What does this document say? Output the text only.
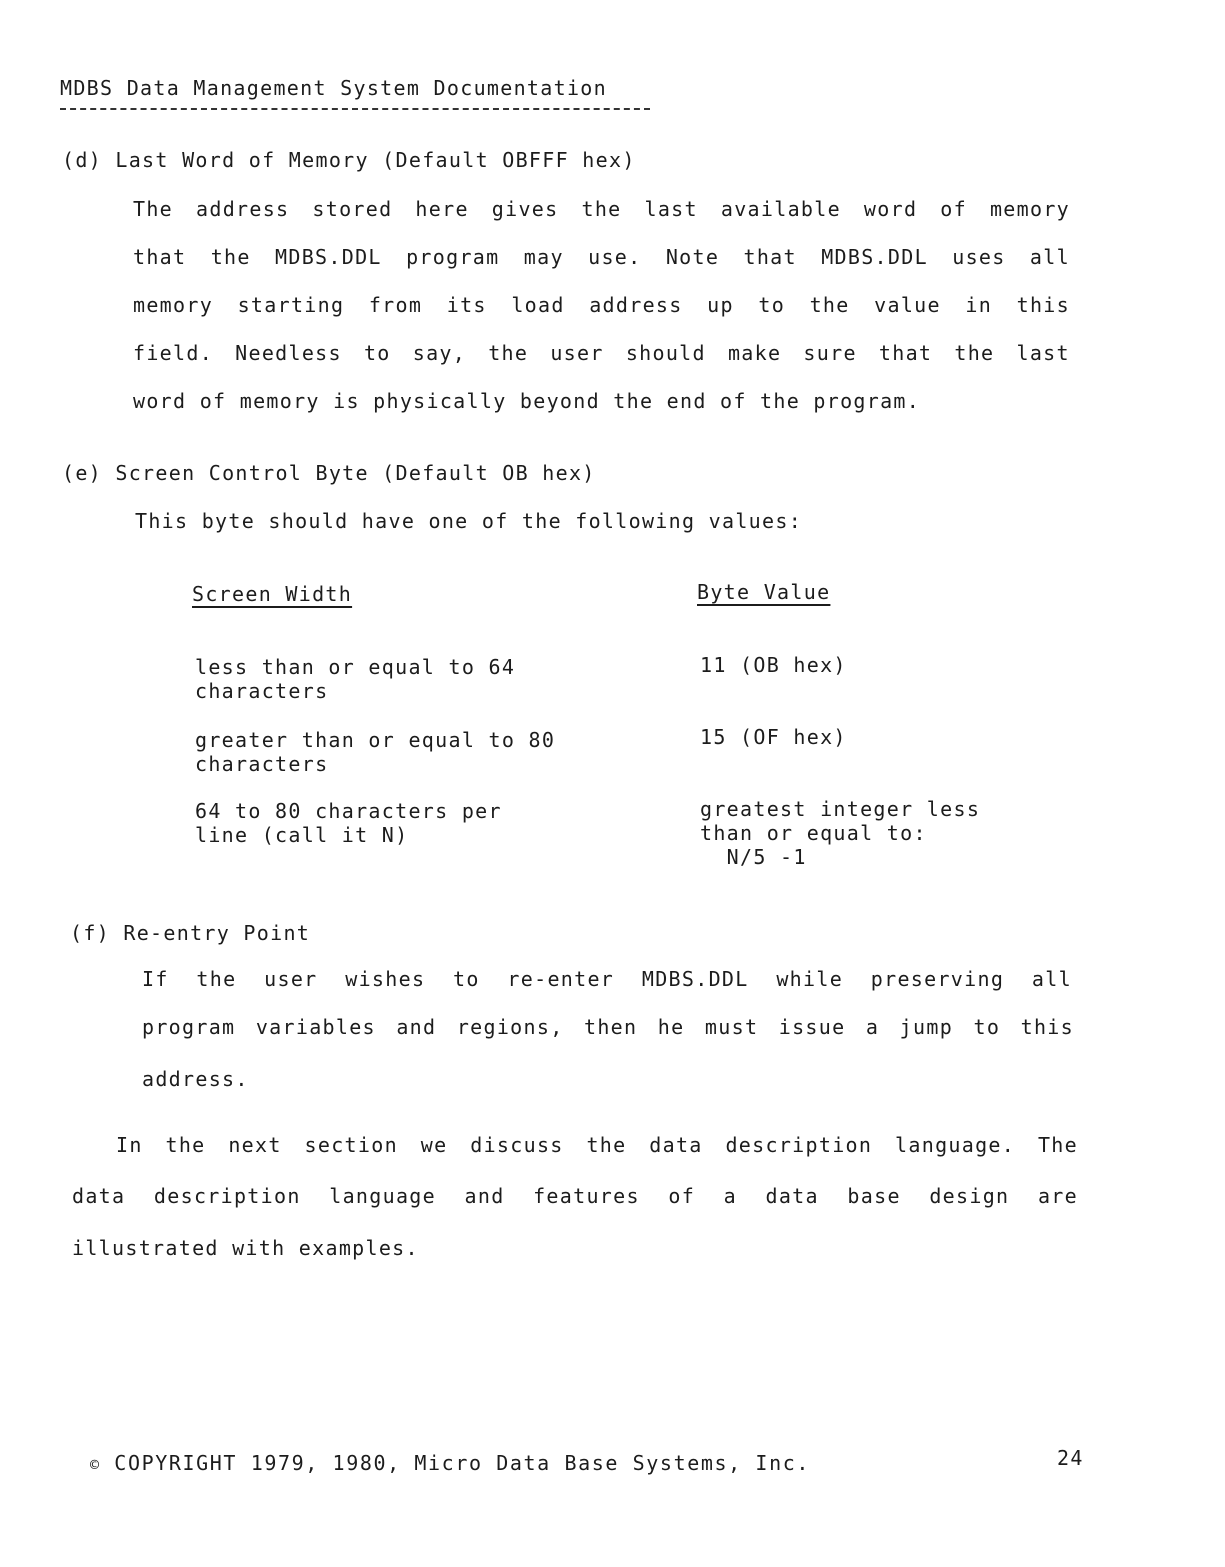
MDBS Data Management System Documentation
(d) Last Word of Memory (Default OBFFF hex)
The address stored here gives the last available word of memory
that the MDBS.DDL program may use. Note that MDBS.DDL uses all
memory starting from its load address up to the value in this
field. Needless to say, the user should make sure that the last
word of memory is physically beyond the end of the program.
(e) Screen Control Byte (Default OB hex)
This byte should have one of the following values:
Screen Width	Byte Value
less than or equal to 64
characters
11 (OB hex)
greater than or equal to 80
characters
15 (OF hex)
64 to 80 characters per
line (call it N)
greatest integer less
than or equal to:
N/5 -1
(f) Re-entry Point
If the user wishes to re-enter MDBS.DDL while preserving all
program variables and regions, then he must issue a jump to this
address.
In the next section we discuss the data description language. The
data description language and features of a data base design are
illustrated with examples.
© COPYRIGHT 1979, 1980, Micro Data Base Systems, Inc.	24
